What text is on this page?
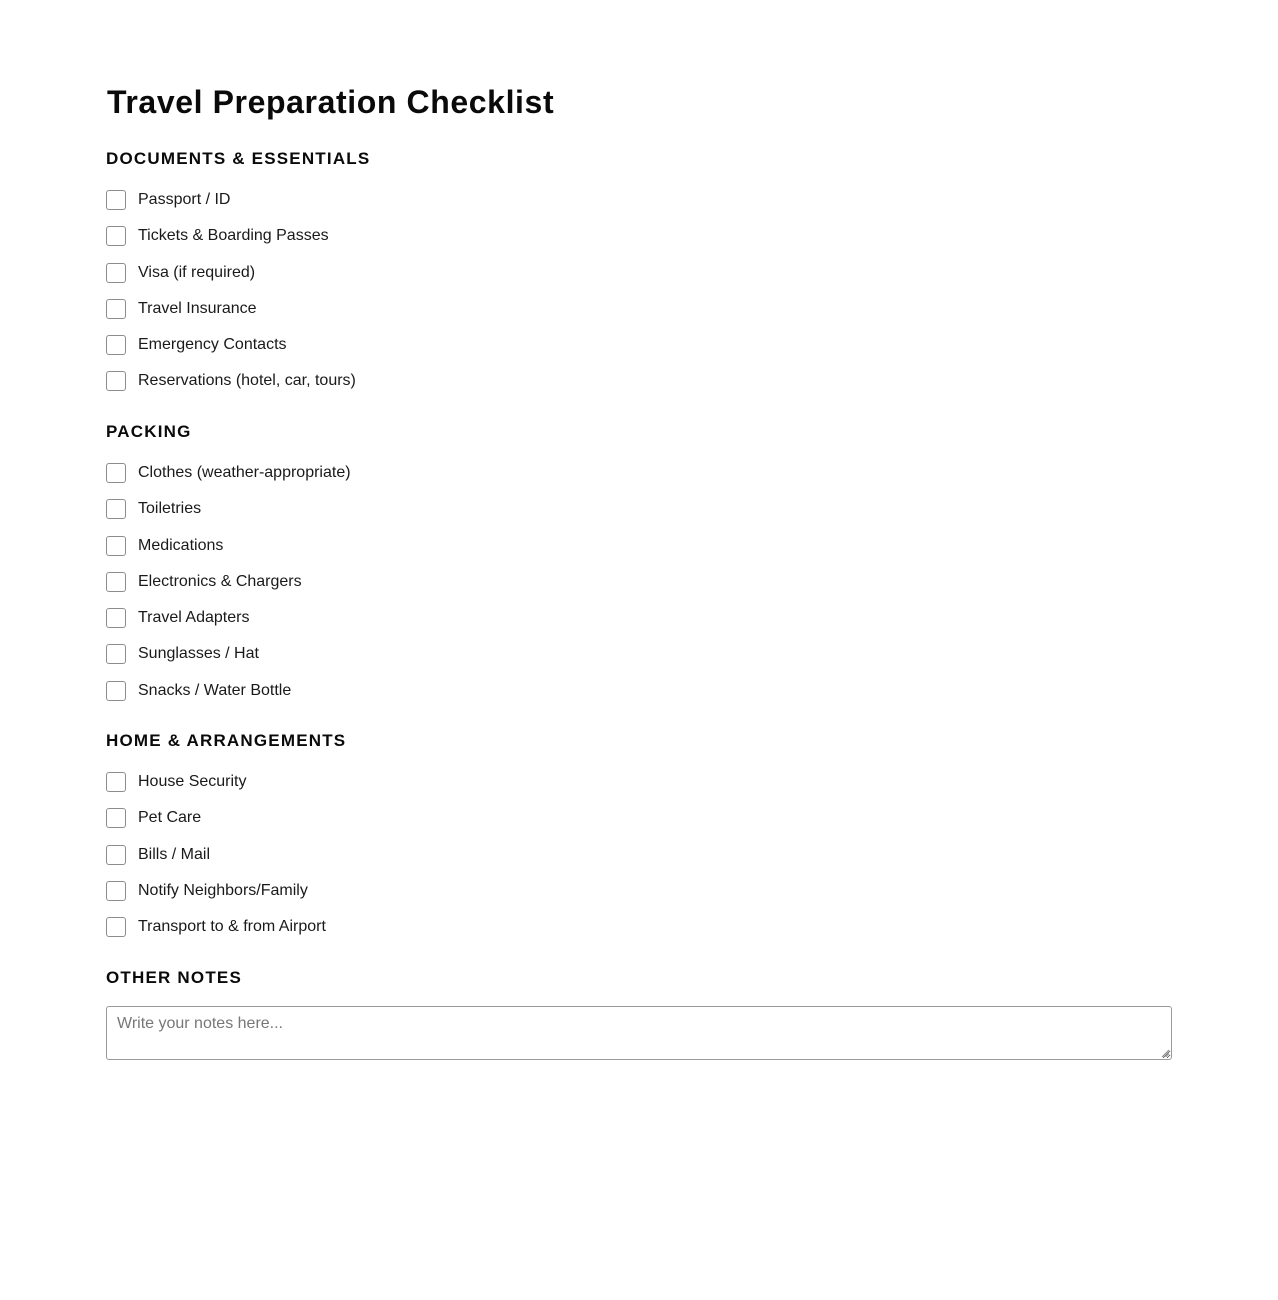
Travel Preparation Checklist
DOCUMENTS & ESSENTIALS
Passport / ID
Tickets & Boarding Passes
Visa (if required)
Travel Insurance
Emergency Contacts
Reservations (hotel, car, tours)
PACKING
Clothes (weather-appropriate)
Toiletries
Medications
Electronics & Chargers
Travel Adapters
Sunglasses / Hat
Snacks / Water Bottle
HOME & ARRANGEMENTS
House Security
Pet Care
Bills / Mail
Notify Neighbors/Family
Transport to & from Airport
OTHER NOTES
Write your notes here...
